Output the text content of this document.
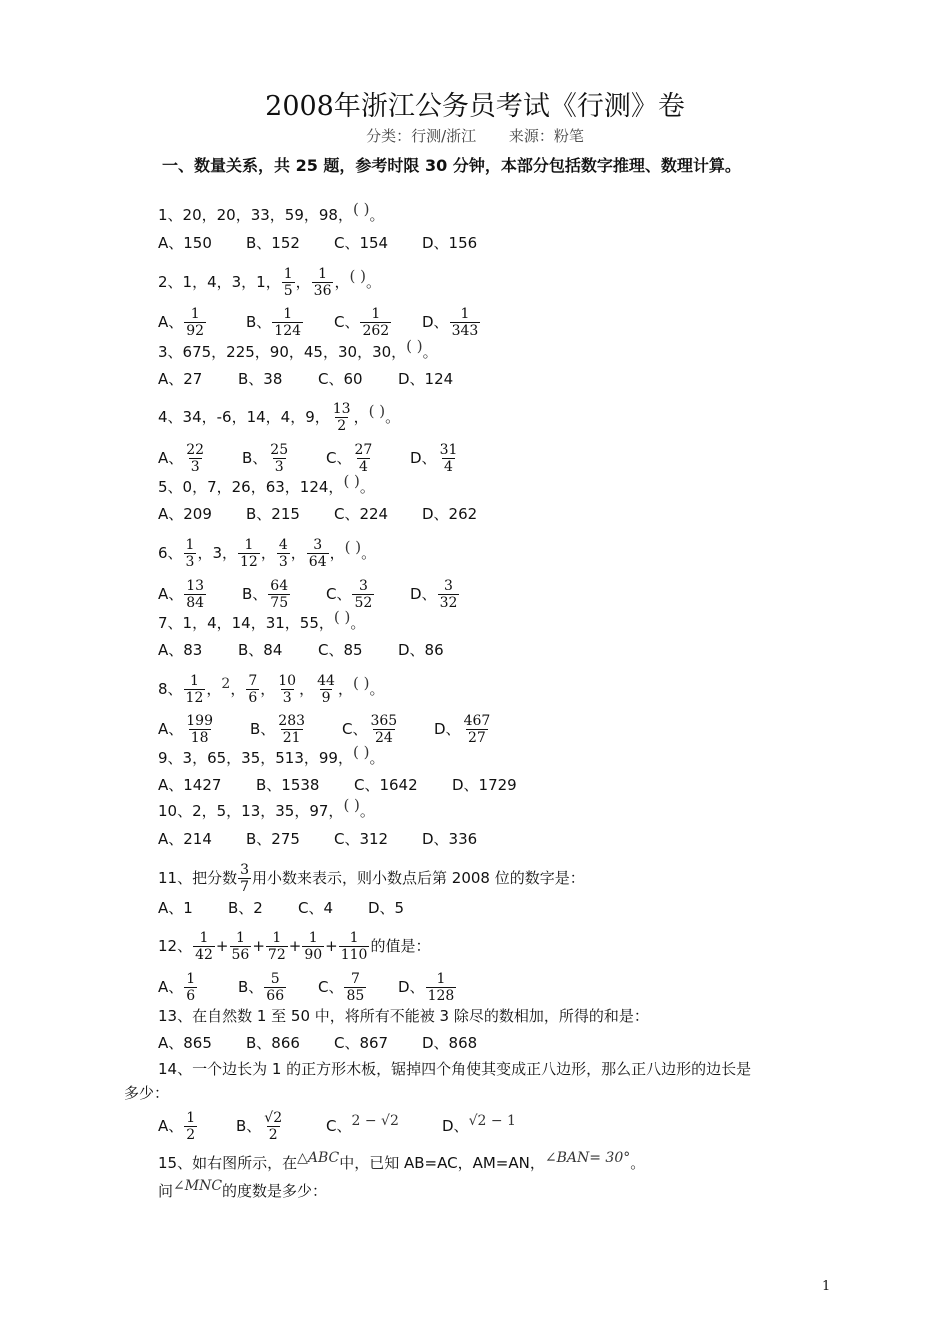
2008年浙江公务员考试《行测》卷
分类：行测/浙江 来源：粉笔
一、数量关系，共 25 题，参考时限 30 分钟，本部分包括数字推理、数理计算。
1、20，20，33，59，98，( )。
A、150 B、152 C、154 D、156
2、1，4，3，1， $\frac{1}{5}$ ， $\frac{1}{36}$ ，( )。
A、 $\frac{1}{92}$	B、 $\frac{1}{124}$ C、 $\frac{1}{262}$ D、 $\frac{1}{343}$
3、675，225，90，45，30，30，( )。
A、27 B、38 C、60 D、124
4、34，-6，14，4，9， $\frac{13}{2}$ ，( )。
A、 $\frac{22}{3}$ B、 $\frac{25}{3}$ C、 $\frac{27}{4}$ D、 $\frac{31}{4}$
5、0，7，26，63，124，( )。
A、209 B、215 C、224 D、262
6、 $\frac{1}{3}$ ，3， $\frac{1}{12}$ ， $\frac{4}{3}$ ， $\frac{3}{64}$ ，( )。
A、 $\frac{13}{84}$ B、 $\frac{64}{75}$ C、 $\frac{3}{52}$ D、 $\frac{3}{32}$
7、1，4，14，31，55，( )。
A、83 B、84 C、85 D、86
8、 $\frac{1}{12}$ ，2， $\frac{7}{6}$ ， $\frac{10}{3}$ ， $\frac{44}{9}$ ，( )。
A、 $\frac{199}{18}$ B、 $\frac{283}{21}$ C、 $\frac{365}{24}$ D、 $\frac{467}{27}$
9、3，65，35，513，99，( )。
A、1427 B、1538 C、1642 D、1729
10、2，5，13，35，97，( )。
A、214 B、275 C、312 D、336
11、把分数 $\frac{3}{7}$ 用小数来表示，则小数点后第 2008 位的数字是：
A、1 B、2 C、4 D、5
12、 $\frac{1}{42} + \frac{1}{56} + \frac{1}{72} + \frac{1}{90} + \frac{1}{110}$ 的值是：
A、 $\frac{1}{6}$	B、 $\frac{5}{66}$ C、 $\frac{7}{85}$ D、 $\frac{1}{128}$
13、在自然数 1 至 50 中，将所有不能被 3 除尽的数相加，所得的和是：
A、865 B、866 C、867 D、868
14、一个边长为 1 的正方形木板，锯掉四个角使其变成正八边形，那么正八边形的边长是
多少：
A、 $\frac{1}{2}$	B、 $\frac{√2}{2}$	C、2 − √2	D、√2 − 1
15、如右图所示，在△ABC中，已知 AB=AC，AM=AN，∠BAN= 30°。
问∠MNC的度数是多少：
1
